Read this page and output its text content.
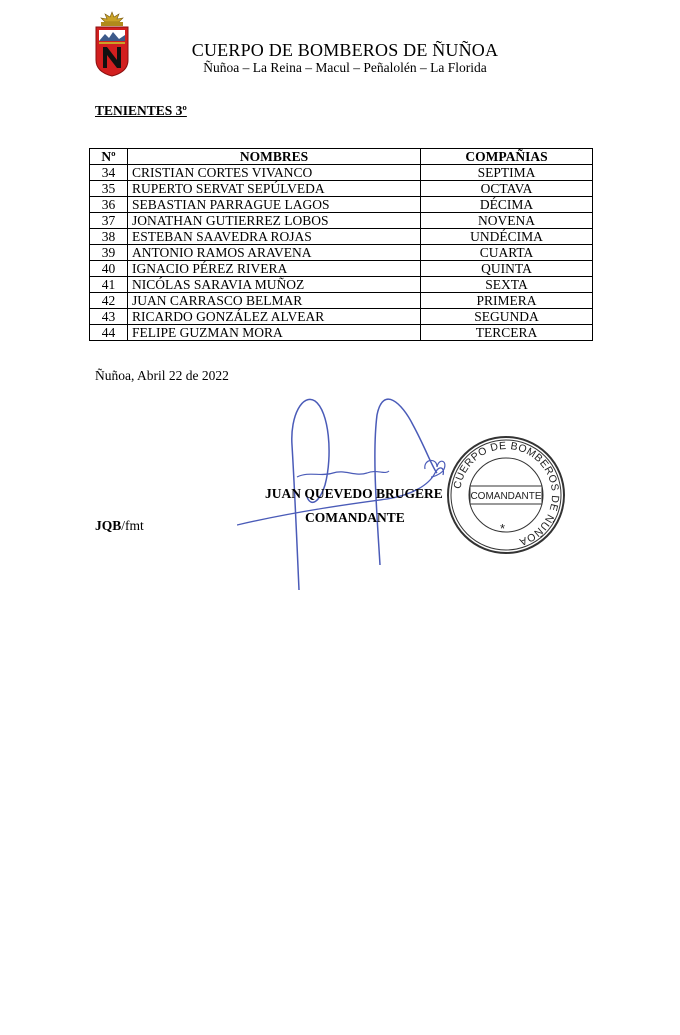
CUERPO DE BOMBEROS DE ÑUÑOA
Ñuñoa – La Reina – Macul – Peñalolén – La Florida
TENIENTES 3º
Nº	NOMBRES	COMPAÑIAS
34	CRISTIAN CORTES VIVANCO	SEPTIMA
35	RUPERTO SERVAT SEPÚLVEDA	OCTAVA
36	SEBASTIAN PARRAGUE LAGOS	DÉCIMA
37	JONATHAN GUTIERREZ LOBOS	NOVENA
38	ESTEBAN SAAVEDRA ROJAS	UNDÉCIMA
39	ANTONIO RAMOS ARAVENA	CUARTA
40	IGNACIO PÉREZ RIVERA	QUINTA
41	NICÓLAS SARAVIA MUÑOZ	SEXTA
42	JUAN CARRASCO BELMAR	PRIMERA
43	RICARDO GONZÁLEZ ALVEAR	SEGUNDA
44	FELIPE GUZMAN MORA	TERCERA
Ñuñoa, Abril 22 de 2022
CUERPO DE BOMBEROS DE ÑUÑOA
COMANDANTE
*
JUAN QUEVEDO BRUGERE
COMANDANTE
JQB/fmt
